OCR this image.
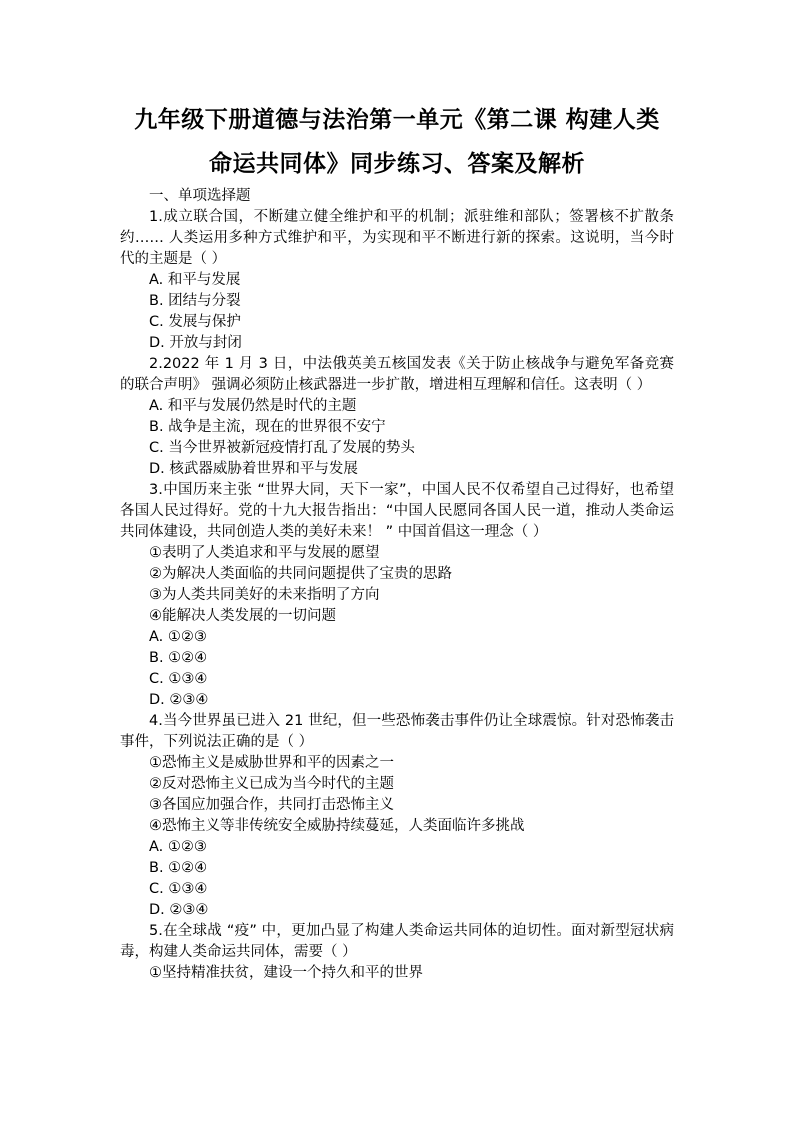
九年级下册道德与法治第一单元《第二课 构建人类
命运共同体》同步练习、答案及解析

一、单项选择题

1.成立联合国，不断建立健全维护和平的机制；派驻维和部队；签署核不扩散条约…… 人类运用多种方式维护和平，为实现和平不断进行新的探索。这说明，当今时代的主题是（ ）

A. 和平与发展

B. 团结与分裂

C. 发展与保护

D. 开放与封闭

2.2022 年 1 月 3 日，中法俄英美五核国发表《关于防止核战争与避免军备竞赛的联合声明》 强调必须防止核武器进一步扩散，增进相互理解和信任。这表明（ ）

A. 和平与发展仍然是时代的主题

B. 战争是主流，现在的世界很不安宁

C. 当今世界被新冠疫情打乱了发展的势头

D. 核武器威胁着世界和平与发展

3.中国历来主张 “世界大同，天下一家”，中国人民不仅希望自己过得好，也希望各国人民过得好。党的十九大报告指出：“中国人民愿同各国人民一道，推动人类命运共同体建设，共同创造人类的美好未来！ ” 中国首倡这一理念（ ）

①表明了人类追求和平与发展的愿望

②为解决人类面临的共同问题提供了宝贵的思路

③为人类共同美好的未来指明了方向

④能解决人类发展的一切问题

A. ①②③

B. ①②④

C. ①③④

D. ②③④

4.当今世界虽已进入 21 世纪，但一些恐怖袭击事件仍让全球震惊。针对恐怖袭击事件，下列说法正确的是（ ）

①恐怖主义是威胁世界和平的因素之一

②反对恐怖主义已成为当今时代的主题

③各国应加强合作，共同打击恐怖主义

④恐怖主义等非传统安全威胁持续蔓延，人类面临许多挑战

A. ①②③

B. ①②④

C. ①③④

D. ②③④

5.在全球战 “疫” 中，更加凸显了构建人类命运共同体的迫切性。面对新型冠状病毒，构建人类命运共同体，需要（ ）

①坚持精准扶贫，建设一个持久和平的世界
